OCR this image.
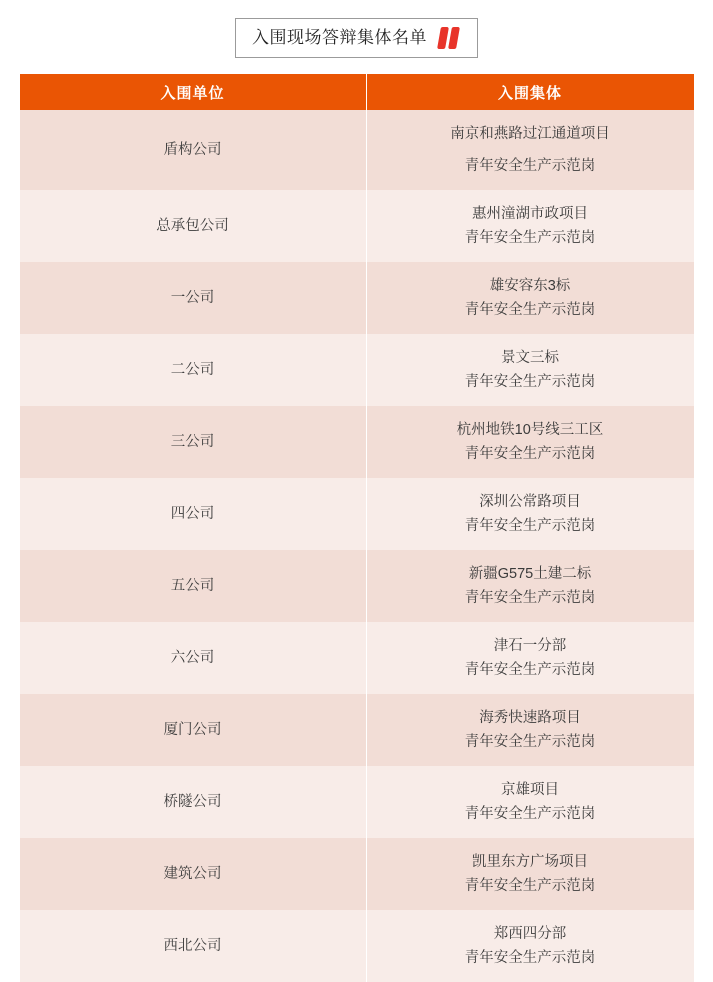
入围现场答辩集体名单
入围单位	入围集体
盾构公司	南京和燕路过江通道项目
青年安全生产示范岗

总承包公司	惠州潼湖市政项目
青年安全生产示范岗

一公司	雄安容东3标
青年安全生产示范岗

二公司	景文三标
青年安全生产示范岗

三公司	杭州地铁10号线三工区
青年安全生产示范岗

四公司	深圳公常路项目
青年安全生产示范岗

五公司	新疆G575土建二标
青年安全生产示范岗

六公司	津石一分部
青年安全生产示范岗

厦门公司	海秀快速路项目
青年安全生产示范岗

桥隧公司	京雄项目
青年安全生产示范岗

建筑公司	凯里东方广场项目
青年安全生产示范岗

西北公司	郑西四分部
青年安全生产示范岗
